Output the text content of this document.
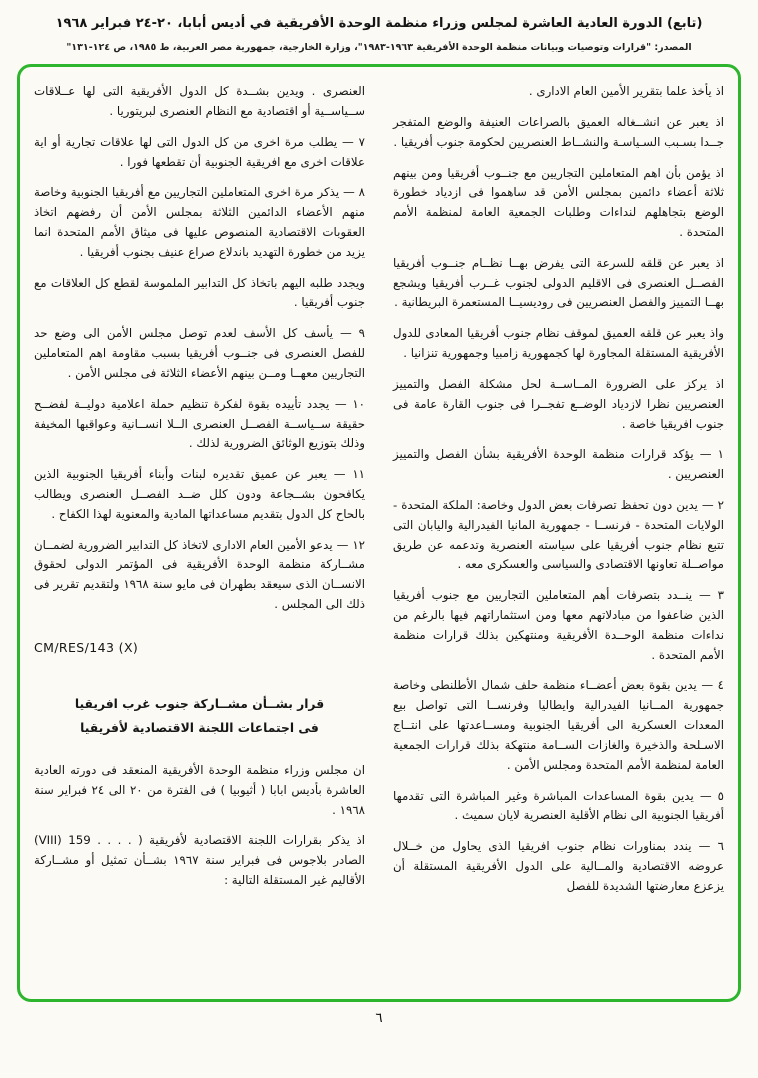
(تابع) الدورة العادية العاشرة لمجلس وزراء منظمة الوحدة الأفريقية في أديس أبابا، ٢٠-٢٤ فبراير ١٩٦٨
المصدر: "قرارات وتوصيات وبيانات منظمة الوحدة الأفريقية ١٩٦٣-١٩٨٣"، وزارة الخارجية، جمهورية مصر العربية، ط ١٩٨٥، ص ١٢٤-١٣١"

اذ يأخذ علما بتقرير الأمين العام الادارى .

اذ يعبر عن انشــغاله العميق بالصراعات العنيفة والوضع المتفجر جــدا بسـبب السـياسـة والنشــاط العنصريين لحكومة جنوب أفريقيا .

اذ يؤمن بأن اهم المتعاملين التجاريين مع جنــوب أفريقيا ومن بينهم ثلاثة أعضاء دائمين بمجلس الأمن قد ساهموا فى ازدياد خطورة الوضع بتجاهلهم لنداءات وطلبات الجمعية العامة لمنظمة الأمم المتحدة .

اذ يعبر عن قلقه للسرعة التى يفرض بهــا نظــام جنــوب أفريقيا الفصــل العنصرى فى الاقليم الدولى لجنوب غــرب أفريقيا ويشجع بهــا التمييز والفصل العنصريين فى روديسيــا المستعمرة البريطانية .

واذ يعبر عن قلقه العميق لموقف نظام جنوب أفريقيا المعادى للدول الأفريقية المستقلة المجاورة لها كجمهورية زامبيا وجمهورية تنزانيا .

اذ يركز على الضرورة المــاســة لحل مشكلة الفصل والتمييز العنصريين نظرا لازدياد الوضــع تفجــرا فى جنوب القارة عامة فى جنوب افريقيا خاصة .

١ — يؤكد قرارات منظمة الوحدة الأفريقية بشأن الفصل والتمييز العنصريين .

٢ — يدين دون تحفظ تصرفات بعض الدول وخاصة: الملكة المتحدة - الولايات المتحدة - فرنســا - جمهورية المانيا الفيدرالية واليابان التى تتبع نظام جنوب أفريقيا على سياسته العنصرية وتدعمه عن طريق مواصــلة تعاونها الاقتصادى والسياسى والعسكرى معه .

٣ — ينــدد بتصرفات أهم المتعاملين التجاريين مع جنوب أفريقيا الذين ضاعفوا من مبادلاتهم معها ومن استثماراتهم فيها بالرغم من نداءات منظمة الوحــدة الأفريقية ومنتهكين بذلك قرارات منظمة الأمم المتحدة .

٤ — يدين بقوة بعض أعضــاء منظمة حلف شمال الأطلنطى وخاصة جمهورية المــانيا الفيدرالية وايطاليا وفرنســا التى تواصل بيع المعدات العسكرية الى أفريقيا الجنوبية ومســاعدتها على انتــاج الاسـلحة والذخيرة والغازات الســامة منتهكة بذلك قرارات الجمعية العامة لمنظمة الأمم المتحدة ومجلس الأمن .

٥ — يدين بقوة المساعدات المباشرة وغير المباشرة التى تقدمها أفريقيا الجنوبية الى نظام الأقلية العنصرية لايان سميث .

٦ — يندد بمناورات نظام جنوب افريقيا الذى يحاول من خــلال عروضه الاقتصادية والمــالية على الدول الأفريقية المستقلة أن يزعزع معارضتها الشديدة للفصل

العنصرى . ويدين بشــدة كل الدول الأفريقية التى لها عــلاقات ســياســية أو اقتصادية مع النظام العنصرى لبريتوريا .

٧ — يطلب مرة اخرى من كل الدول التى لها علاقات تجارية أو اية علاقات اخرى مع افريقية الجنوبية أن تقطعها فورا .

٨ — يذكر مرة اخرى المتعاملين التجاريين مع أفريقيا الجنوبية وخاصة منهم الأعضاء الدائمين الثلاثة بمجلس الأمن أن رفضهم اتخاذ العقوبات الاقتصادية المنصوص عليها فى ميثاق الأمم المتحدة انما يزيد من خطورة التهديد باندلاع صراع عنيف بجنوب أفريقيا .

ويجدد طلبه اليهم باتخاذ كل التدابير الملموسة لقطع كل العلاقات مع جنوب أفريقيا .

٩ — يأسف كل الأسف لعدم توصل مجلس الأمن الى وضع حد للفصل العنصرى فى جنــوب أفريقيا بسبب مقاومة اهم المتعاملين التجاريين معهــا ومــن بينهم الأعضاء الثلاثة فى مجلس الأمن .

١٠ — يجدد تأييده بقوة لفكرة تنظيم حملة اعلامية دوليــة لفضــح حقيقة ســياســة الفصــل العنصرى الــلا انســانية وعواقبها المخيفة وذلك بتوزيع الوثائق الضرورية لذلك .

١١ — يعبر عن عميق تقديره لبنات وأبناء أفريقيا الجنوبية الذين يكافحون بشــجاعة ودون كلل ضــد الفصــل العنصرى ويطالب بالحاح كل الدول بتقديم مساعداتها المادية والمعنوية لهذا الكفاح .

١٢ — يدعو الأمين العام الادارى لاتخاذ كل التدابير الضرورية لضمــان مشــاركة منظمة الوحدة الأفريقية فى المؤتمر الدولى لحقوق الانســان الذى سيعقد بطهران فى مايو سنة ١٩٦٨ ولتقديم تقرير فى ذلك الى المجلس .

CM/RES/143 (X)
قرار بشــأن مشــاركة جنوب غرب افريقيا
فى اجتماعات اللجنة الاقتصادية لأفريقيا

ان مجلس وزراء منظمة الوحدة الأفريقية المنعقد فى دورته العادية العاشرة بأديس ابابا ( أثيوبيا ) فى الفترة من ٢٠ الى ٢٤ فبراير سنة ١٩٦٨ .

اذ يذكر بقرارات اللجنة الاقتصادية لأفريقية ( . . . . 159 (VIII) الصادر بلاجوس فى فبراير سنة ١٩٦٧ بشــأن تمثيل أو مشــاركة الأقاليم غير المستقلة التالية :

٦
